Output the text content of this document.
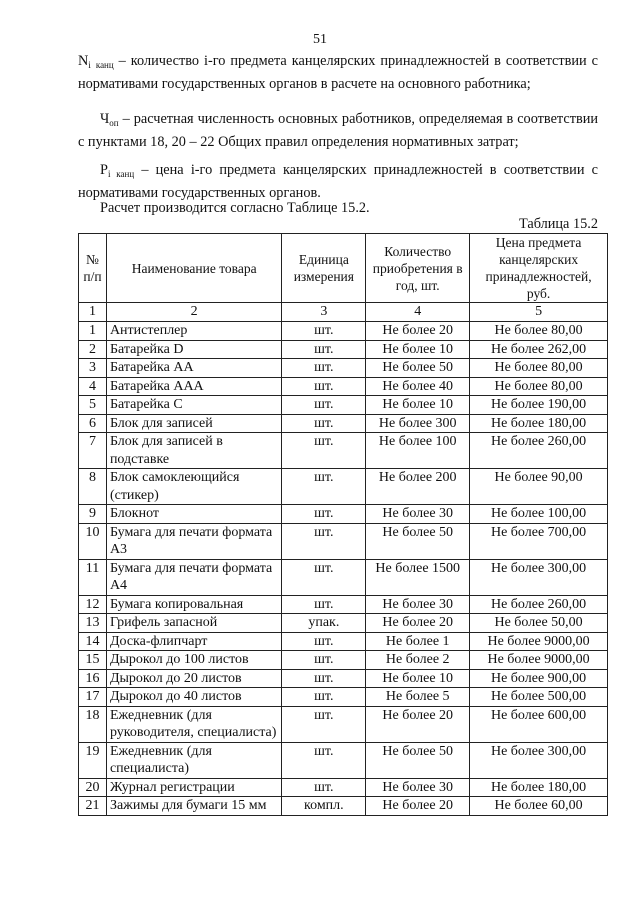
51

$N_i$ $_{канц}$ – количество i-го предмета канцелярских принадлежностей в соответствии с нормативами государственных органов в расчете на основного работника;

$Ч_{оп}$ – расчетная численность основных работников, определяемая в соответствии с пунктами 18, 20 – 22 Общих правил определения нормативных затрат;

$P_{i канц}$ – цена i-го предмета канцелярских принадлежностей в соответствии с нормативами государственных органов.

Расчет производится согласно Таблице 15.2.

Таблица 15.2
№ п/п	Наименование товара	Единица измерения	Количество приобретения в год, шт.	Цена предмета канцелярских принадлежностей, руб.
1	2	3	4	5
1	Антистеплер	шт.	Не более 20	Не более 80,00
2	Батарейка D	шт.	Не более 10	Не более 262,00
3	Батарейка АА	шт.	Не более 50	Не более 80,00
4	Батарейка ААА	шт.	Не более 40	Не более 80,00
5	Батарейка С	шт.	Не более 10	Не более 190,00
6	Блок для записей	шт.	Не более 300	Не более 180,00
7	Блок для записей в подставке	шт.	Не более 100	Не более 260,00
8	Блок самоклеющийся (стикер)	шт.	Не более 200	Не более 90,00
9	Блокнот	шт.	Не более 30	Не более 100,00
10	Бумага для печати формата А3	шт.	Не более 50	Не более 700,00
11	Бумага для печати формата А4	шт.	Не более 1500	Не более 300,00
12	Бумага копировальная	шт.	Не более 30	Не более 260,00
13	Грифель запасной	упак.	Не более 20	Не более 50,00
14	Доска-флипчарт	шт.	Не более 1	Не более 9000,00
15	Дырокол до 100 листов	шт.	Не более 2	Не более 9000,00
16	Дырокол до 20 листов	шт.	Не более 10	Не более 900,00
17	Дырокол до 40 листов	шт.	Не более 5	Не более 500,00
18	Ежедневник (для руководителя, специалиста)	шт.	Не более 20	Не более 600,00
19	Ежедневник (для специалиста)	шт.	Не более 50	Не более 300,00
20	Журнал регистрации	шт.	Не более 30	Не более 180,00
21	Зажимы для бумаги 15 мм	компл.	Не более 20	Не более 60,00
